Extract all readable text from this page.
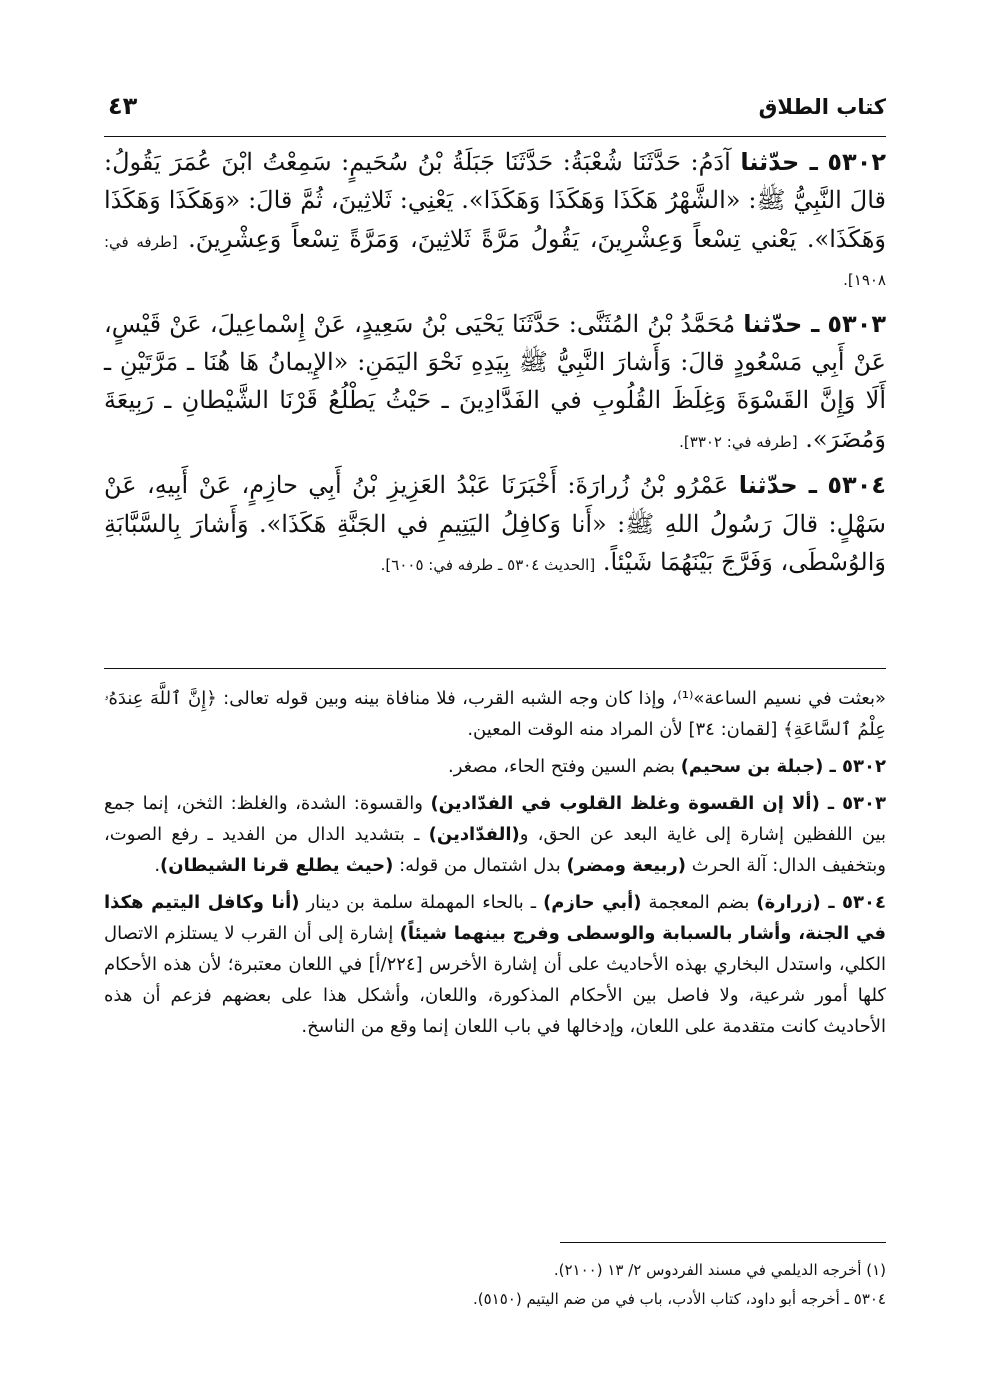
كتاب الطلاق
٤٣

٥٣٠٢ ـ حدّثنا آدَمُ: حَدَّثَنَا شُعْبَةُ: حَدَّثَنَا جَبَلَةُ بْنُ سُحَيمٍ: سَمِعْتُ ابْنَ عُمَرَ يَقُولُ: قالَ النَّبِيُّ ﷺ: «الشَّهْرُ هَكَذَا وَهَكَذَا وَهَكَذَا». يَعْنِي: ثَلاثِينَ، ثُمَّ قالَ: «وَهَكَذَا وَهَكَذَا وَهَكَذَا». يَعْني تِسْعاً وَعِشْرِينَ، يَقُولُ مَرَّةً ثَلاثِينَ، وَمَرَّةً تِسْعاً وَعِشْرِينَ. [طرفه في: ١٩٠٨].

٥٣٠٣ ـ حدّثنا مُحَمَّدُ بْنُ المُثَنَّى: حَدَّثَنَا يَحْيَى بْنُ سَعِيدٍ، عَنْ إِسْماعِيلَ، عَنْ قَيْسٍ، عَنْ أَبِي مَسْعُودٍ قالَ: وَأَشارَ النَّبِيُّ ﷺ بِيَدِهِ نَحْوَ اليَمَنِ: «الإِيمانُ هَا هُنَا ـ مَرَّتَيْنِ ـ أَلَا وَإِنَّ القَسْوَةَ وَغِلَظَ القُلُوبِ في الفَدَّادِينَ ـ حَيْثُ يَطْلُعُ قَرْنَا الشَّيْطانِ ـ رَبِيعَةَ وَمُضَرَ». [طرفه في: ٣٣٠٢].

٥٣٠٤ ـ حدّثنا عَمْرُو بْنُ زُرارَةَ: أَخْبَرَنَا عَبْدُ العَزِيزِ بْنُ أَبِي حازِمٍ، عَنْ أَبِيهِ، عَنْ سَهْلٍ: قالَ رَسُولُ اللهِ ﷺ: «أَنا وَكافِلُ اليَتِيمِ في الجَنَّةِ هَكَذَا». وَأَشارَ بِالسَّبَّابَةِ وَالوُسْطَى، وَفَرَّجَ بَيْنَهُمَا شَيْئاً. [الحديث ٥٣٠٤ ـ طرفه في: ٦٠٠٥].

«بعثت في نسيم الساعة»⁽¹⁾، وإذا كان وجه الشبه القرب، فلا منافاة بينه وبين قوله تعالى: ﴿إِنَّ ٱللَّهَ عِندَهُۥ عِلْمُ ٱلسَّاعَةِ﴾ [لقمان: ٣٤] لأن المراد منه الوقت المعين.

٥٣٠٢ ـ (جبلة بن سحيم) بضم السين وفتح الحاء، مصغر.

٥٣٠٣ ـ (ألا إن القسوة وغلظ القلوب في الفدّادين) والقسوة: الشدة، والغلظ: الثخن، إنما جمع بين اللفظين إشارة إلى غاية البعد عن الحق، و(الفدّادين) ـ بتشديد الدال من الفديد ـ رفع الصوت، وبتخفيف الدال: آلة الحرث (ربيعة ومضر) بدل اشتمال من قوله: (حيث يطلع قرنا الشيطان).

٥٣٠٤ ـ (زرارة) بضم المعجمة (أبي حازم) ـ بالحاء المهملة سلمة بن دينار (أنا وكافل اليتيم هكذا في الجنة، وأشار بالسبابة والوسطى وفرج بينهما شيئاً) إشارة إلى أن القرب لا يستلزم الاتصال الكلي، واستدل البخاري بهذه الأحاديث على أن إشارة الأخرس [٢٢٤/أ] في اللعان معتبرة؛ لأن هذه الأحكام كلها أمور شرعية، ولا فاصل بين الأحكام المذكورة، واللعان، وأشكل هذا على بعضهم فزعم أن هذه الأحاديث كانت متقدمة على اللعان، وإدخالها في باب اللعان إنما وقع من الناسخ.

(١) أخرجه الديلمي في مسند الفردوس ٢/ ١٣ (٢١٠٠).

٥٣٠٤ ـ أخرجه أبو داود، كتاب الأدب، باب في من ضم اليتيم (٥١٥٠).
